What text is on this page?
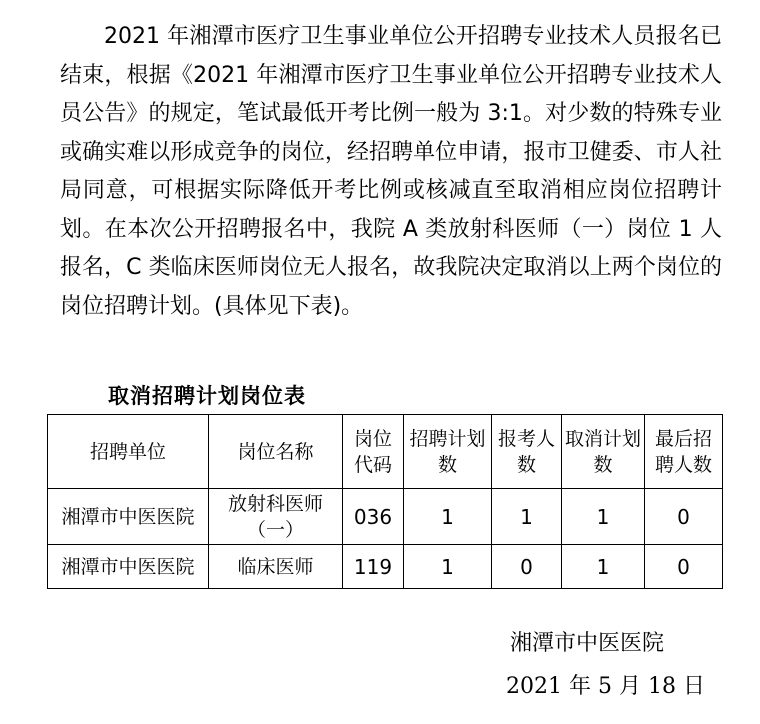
2021 年湘潭市医疗卫生事业单位公开招聘专业技术人员报名已结束，根据《2021 年湘潭市医疗卫生事业单位公开招聘专业技术人员公告》的规定，笔试最低开考比例一般为 3:1。对少数的特殊专业或确实难以形成竞争的岗位，经招聘单位申请，报市卫健委、市人社局同意，可根据实际降低开考比例或核减直至取消相应岗位招聘计划。在本次公开招聘报名中，我院 A 类放射科医师（一）岗位 1 人报名，C 类临床医师岗位无人报名，故我院决定取消以上两个岗位的岗位招聘计划。(具体见下表)。

取消招聘计划岗位表
招聘单位	岗位名称	岗位代码	招聘计划数	报考人数	取消计划数	最后招聘人数
湘潭市中医医院	放射科医师（一）	036	1	1	1	0
湘潭市中医医院	临床医师	119	1	0	1	0
湘潭市中医医院
2021 年 5 月 18 日
